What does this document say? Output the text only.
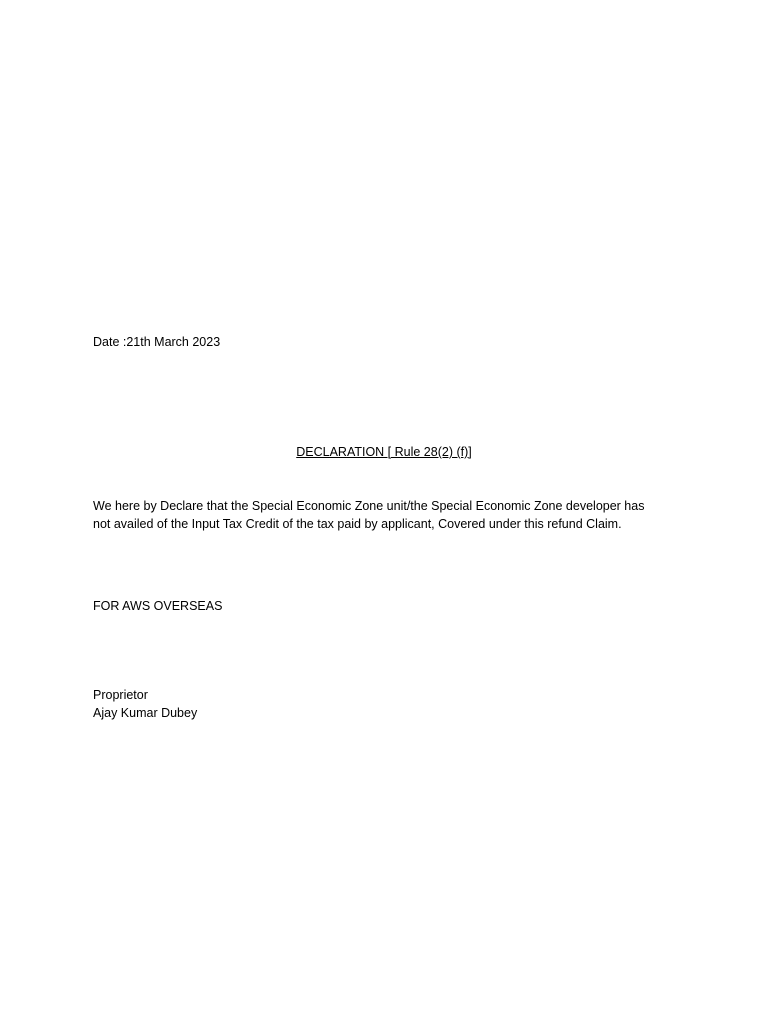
Date :21th March 2023
DECLARATION [ Rule 28(2) (f)]
We here by Declare that the Special Economic Zone unit/the Special Economic Zone developer has
not availed of the Input Tax Credit of the tax paid by applicant, Covered under this refund Claim.
FOR AWS OVERSEAS
Proprietor
Ajay Kumar Dubey
